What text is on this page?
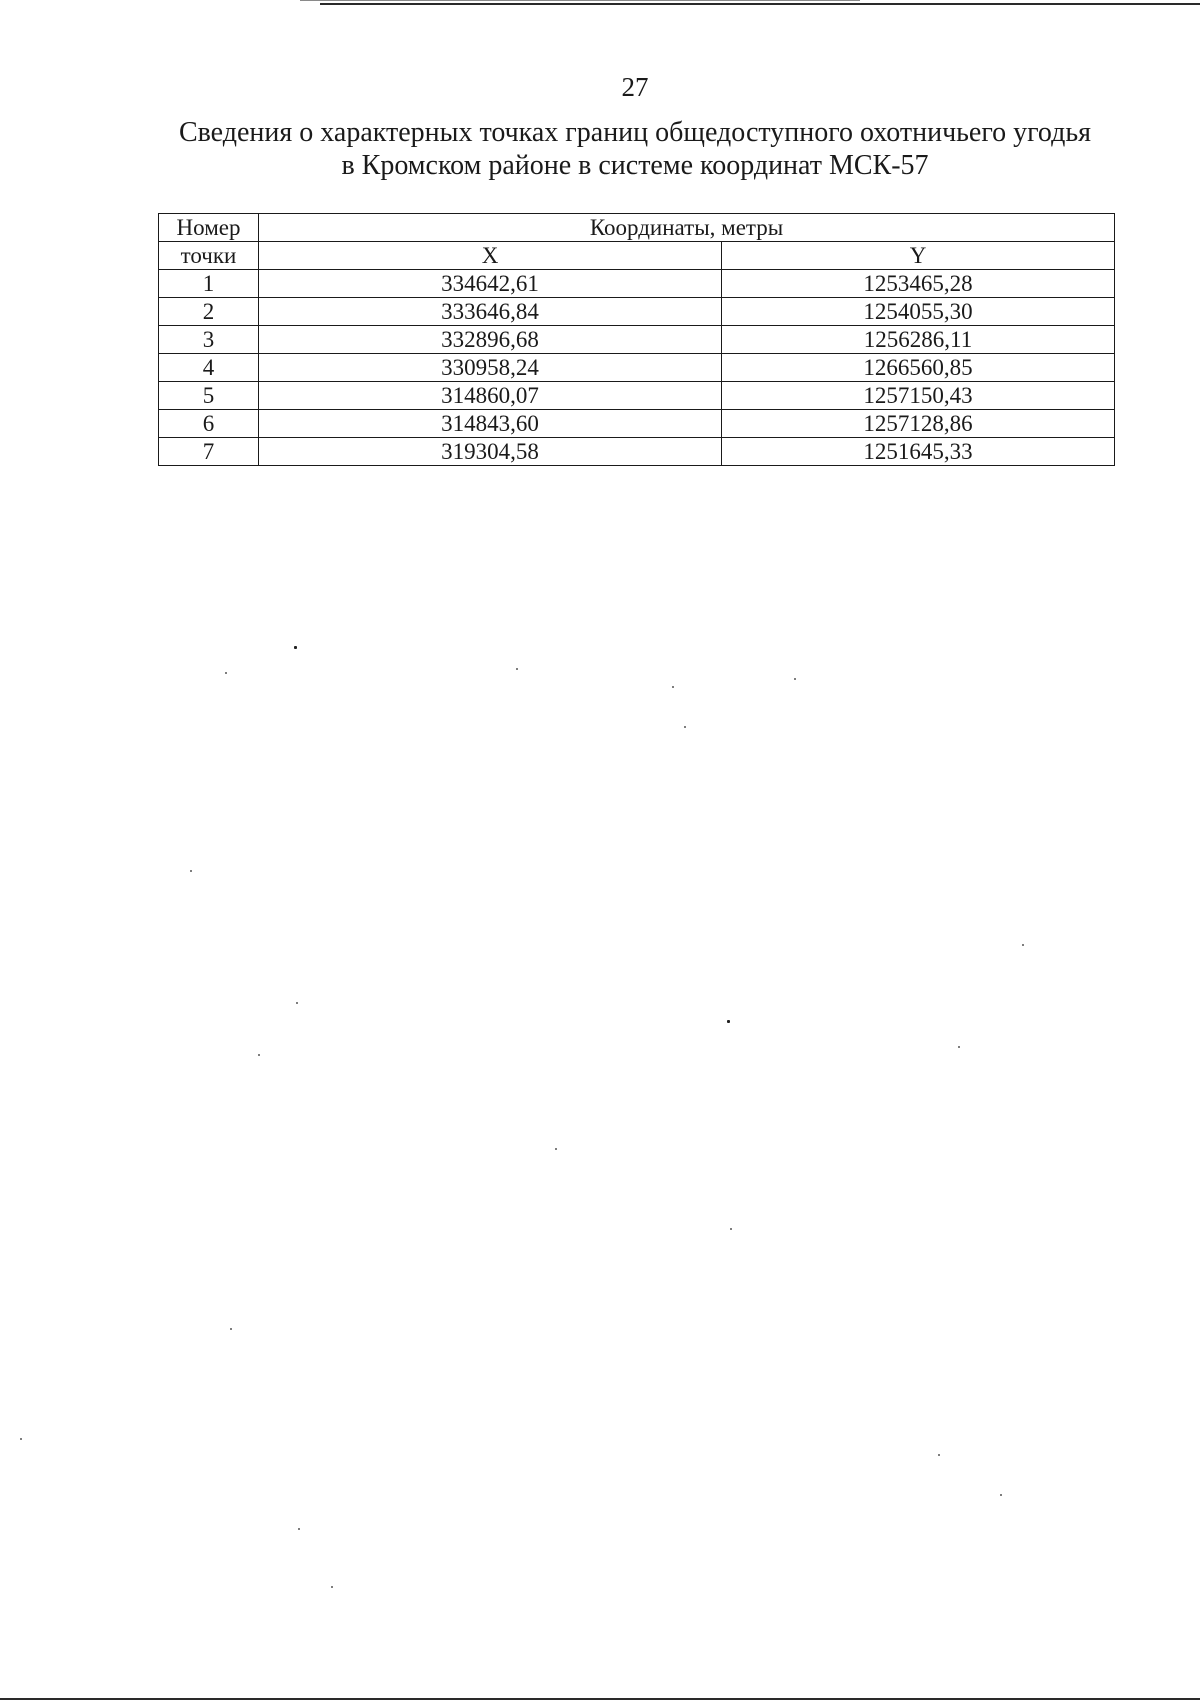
27
Сведения о характерных точках границ общедоступного охотничьего угодья
в Кромском районе в системе координат МСК-57
Номер	Координаты, метры	
точки	X	Y
1	334642,61	1253465,28
2	333646,84	1254055,30
3	332896,68	1256286,11
4	330958,24	1266560,85
5	314860,07	1257150,43
6	314843,60	1257128,86
7	319304,58	1251645,33
